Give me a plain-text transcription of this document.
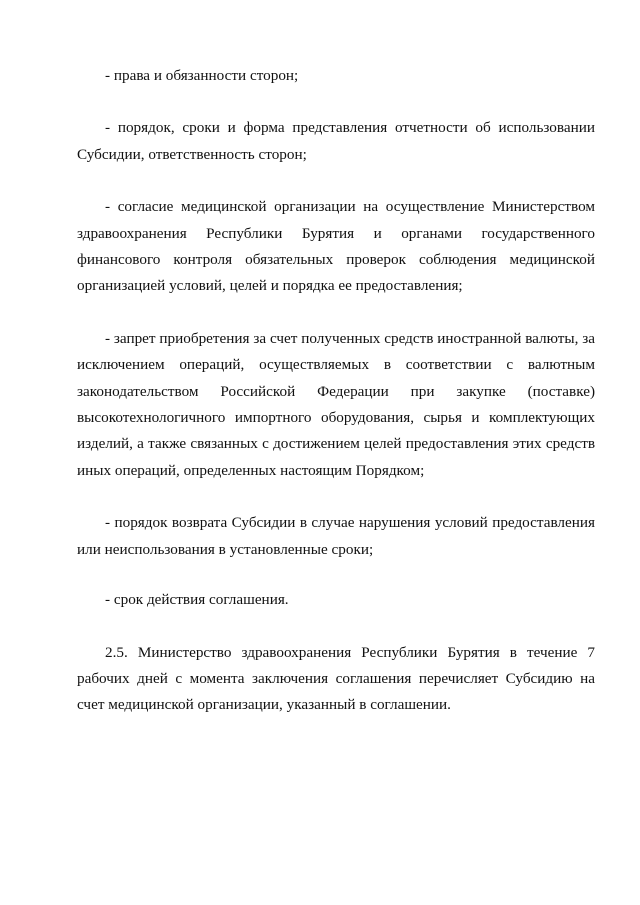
- права и обязанности сторон;

- порядок, сроки и форма представления отчетности об использовании Субсидии, ответственность сторон;

- согласие медицинской организации на осуществление Министерством здравоохранения Республики Бурятия и органами государственного финансового контроля обязательных проверок соблюдения медицинской организацией условий, целей и порядка ее предоставления;

- запрет приобретения за счет полученных средств иностранной валюты, за исключением операций, осуществляемых в соответствии с валютным законодательством Российской Федерации при закупке (поставке) высокотехнологичного импортного оборудования, сырья и комплектующих изделий, а также связанных с достижением целей предоставления этих средств иных операций, определенных настоящим Порядком;

- порядок возврата Субсидии в случае нарушения условий предоставления или неиспользования в установленные сроки;

- срок действия соглашения.

2.5. Министерство здравоохранения Республики Бурятия в течение 7 рабочих дней с момента заключения соглашения перечисляет Субсидию на счет медицинской организации, указанный в соглашении.
